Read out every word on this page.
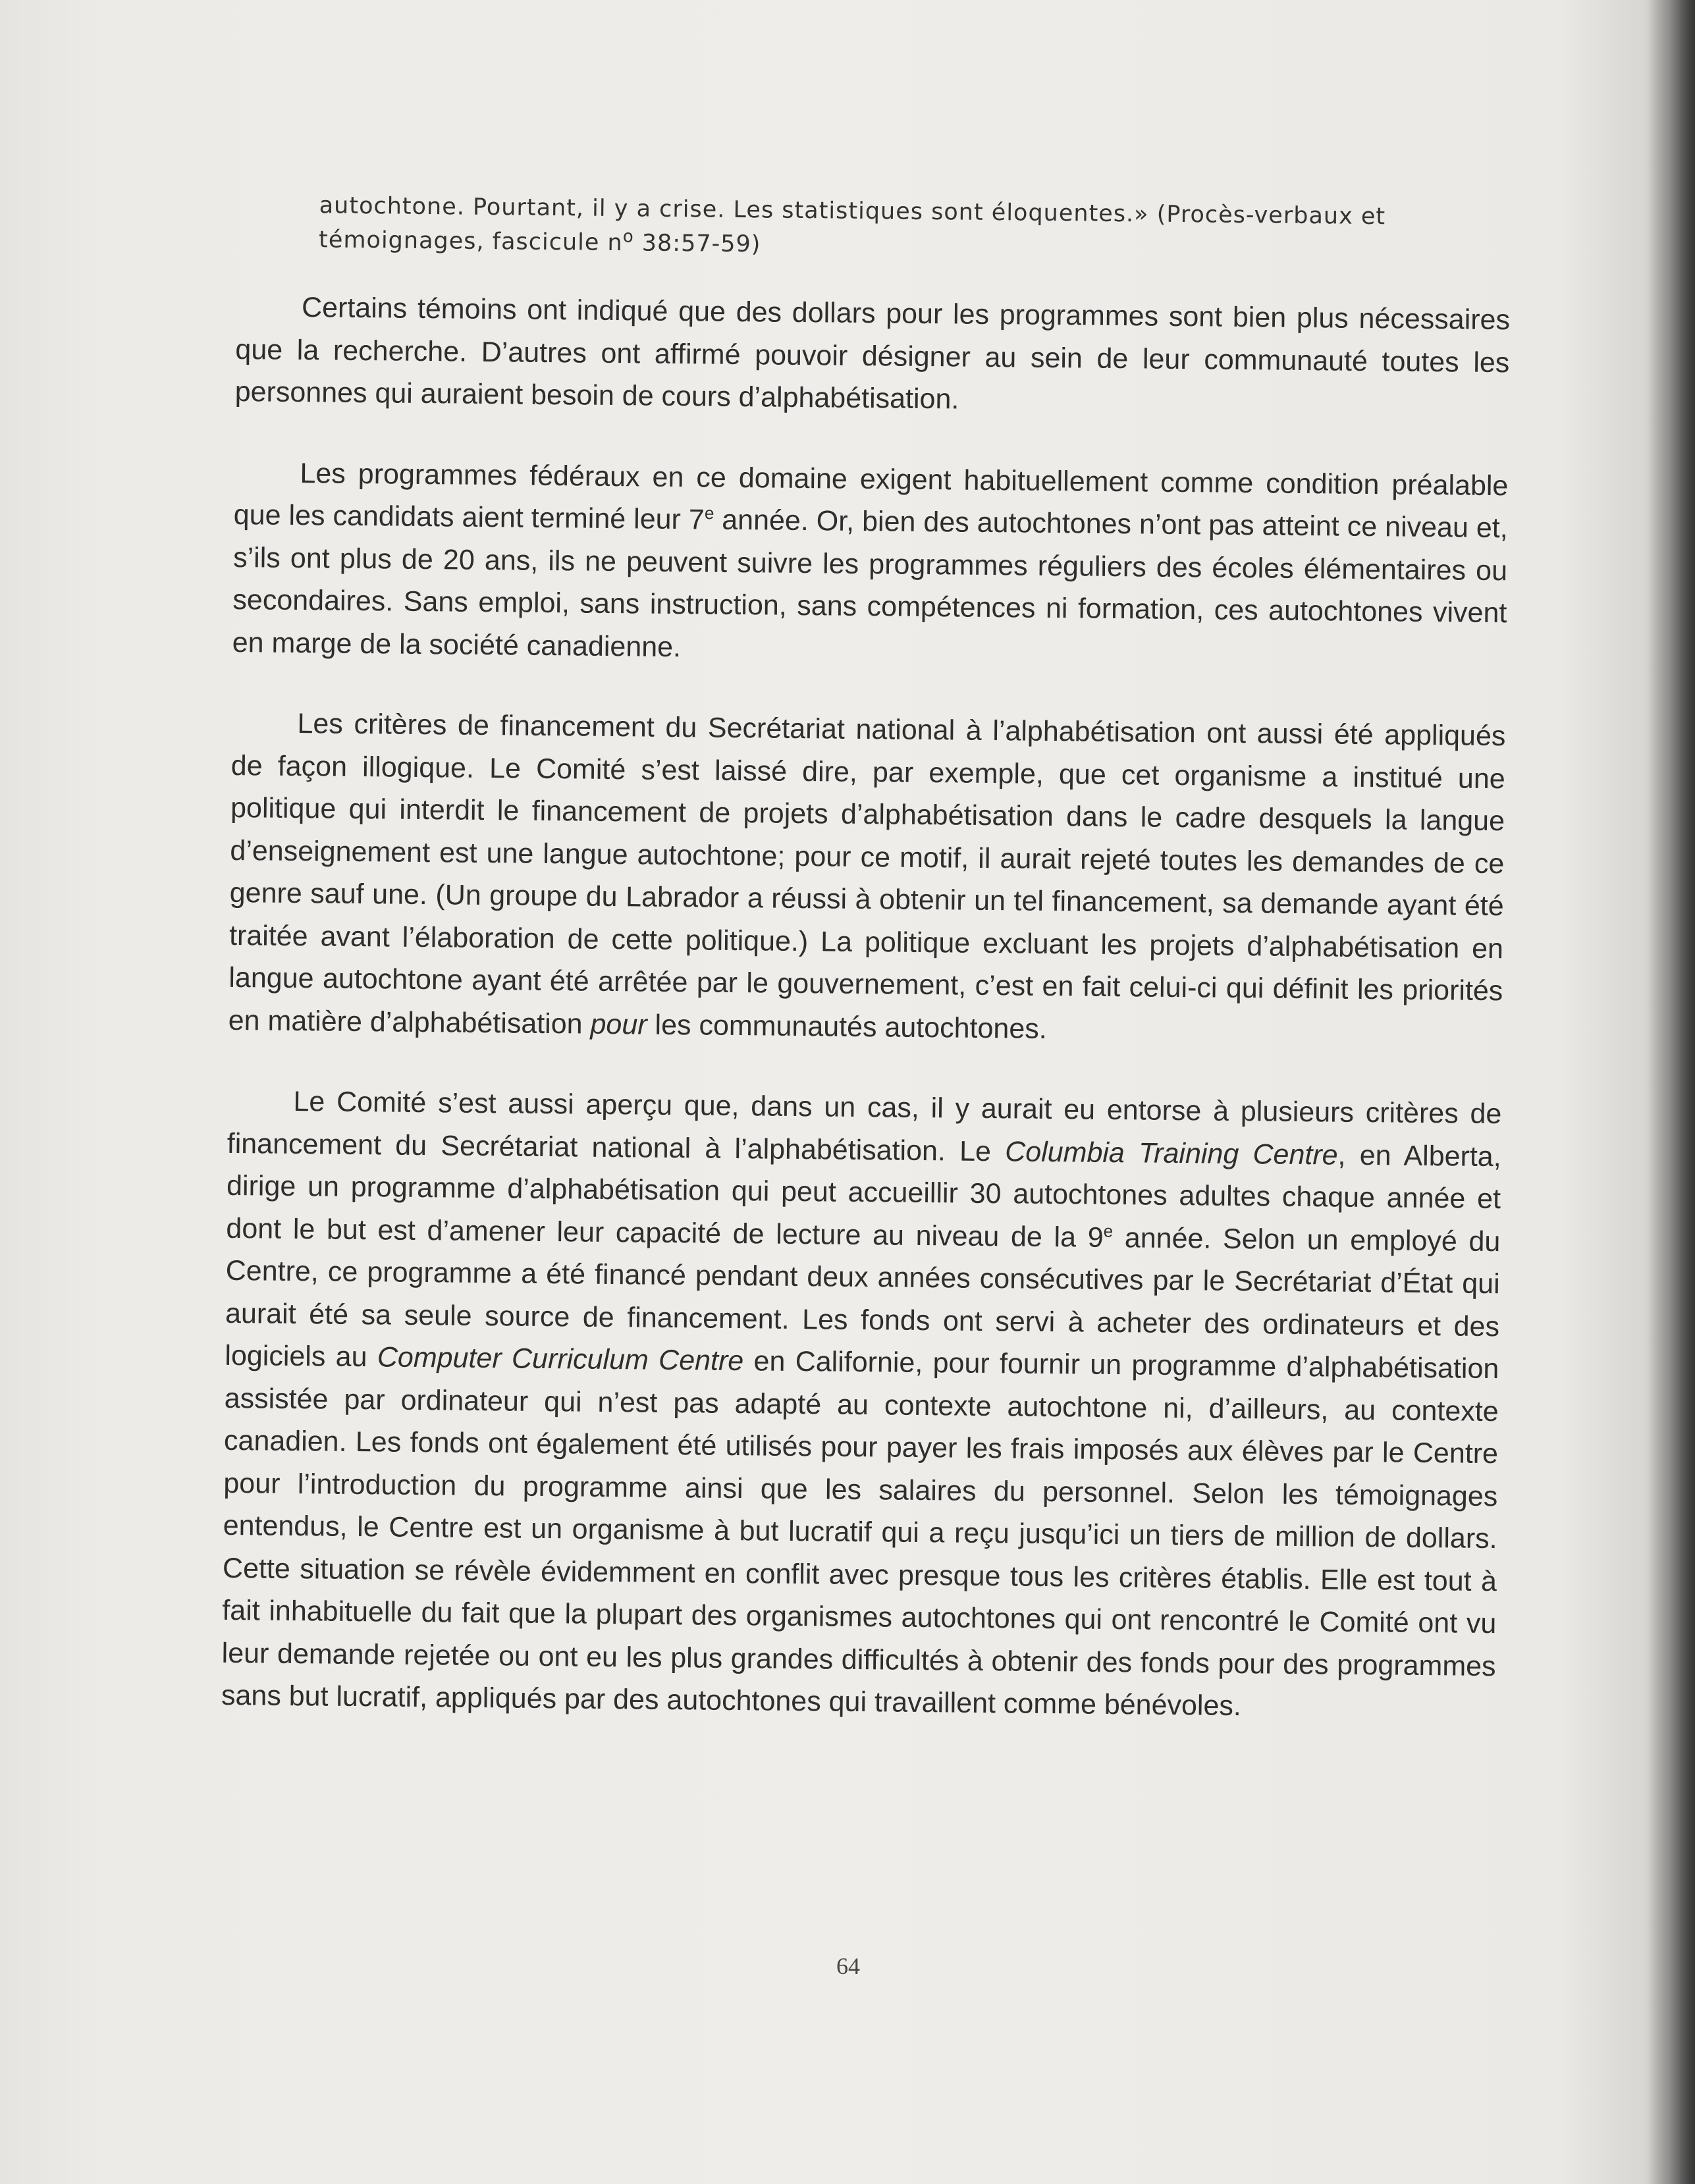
autochtone. Pourtant, il y a crise. Les statistiques sont éloquentes.» (Procès-verbaux et
témoignages, fascicule $n^o$ 38:57-59)

Certains témoins ont indiqué que des dollars pour les programmes sont bien plus nécessaires que la recherche. D’autres ont affirmé pouvoir désigner au sein de leur communauté toutes les personnes qui auraient besoin de cours d’alphabétisation.

Les programmes fédéraux en ce domaine exigent habituellement comme condition préalable que les candidats aient terminé leur 7e année. Or, bien des autochtones n’ont pas atteint ce niveau et, s’ils ont plus de 20 ans, ils ne peuvent suivre les programmes réguliers des écoles élémentaires ou secondaires. Sans emploi, sans instruction, sans compétences ni formation, ces autochtones vivent en marge de la société canadienne.

Les critères de financement du Secrétariat national à l’alphabétisation ont aussi été appliqués de façon illogique. Le Comité s’est laissé dire, par exemple, que cet organisme a institué une politique qui interdit le financement de projets d’alphabétisation dans le cadre desquels la langue d’enseignement est une langue autochtone; pour ce motif, il aurait rejeté toutes les demandes de ce genre sauf une. (Un groupe du Labrador a réussi à obtenir un tel financement, sa demande ayant été traitée avant l’élaboration de cette politique.) La politique excluant les projets d’alphabétisation en langue autochtone ayant été arrêtée par le gouvernement, c’est en fait celui-ci qui définit les priorités en matière d’alphabétisation pour les communautés autochtones.

Le Comité s’est aussi aperçu que, dans un cas, il y aurait eu entorse à plusieurs critères de financement du Secrétariat national à l’alphabétisation. Le Columbia Training Centre, en Alberta, dirige un programme d’alphabétisation qui peut accueillir 30 autochtones adultes chaque année et dont le but est d’amener leur capacité de lecture au niveau de la 9e année. Selon un employé du Centre, ce programme a été financé pendant deux années consécutives par le Secrétariat d’État qui aurait été sa seule source de financement. Les fonds ont servi à acheter des ordinateurs et des logiciels au Computer Curriculum Centre en Californie, pour fournir un programme d’alphabétisation assistée par ordinateur qui n’est pas adapté au contexte autochtone ni, d’ailleurs, au contexte canadien. Les fonds ont également été utilisés pour payer les frais imposés aux élèves par le Centre pour l’introduction du programme ainsi que les salaires du personnel. Selon les témoignages entendus, le Centre est un organisme à but lucratif qui a reçu jusqu’ici un tiers de million de dollars. Cette situation se révèle évidemment en conflit avec presque tous les critères établis. Elle est tout à fait inhabituelle du fait que la plupart des organismes autochtones qui ont rencontré le Comité ont vu leur demande rejetée ou ont eu les plus grandes difficultés à obtenir des fonds pour des programmes sans but lucratif, appliqués par des autochtones qui travaillent comme bénévoles.

64
